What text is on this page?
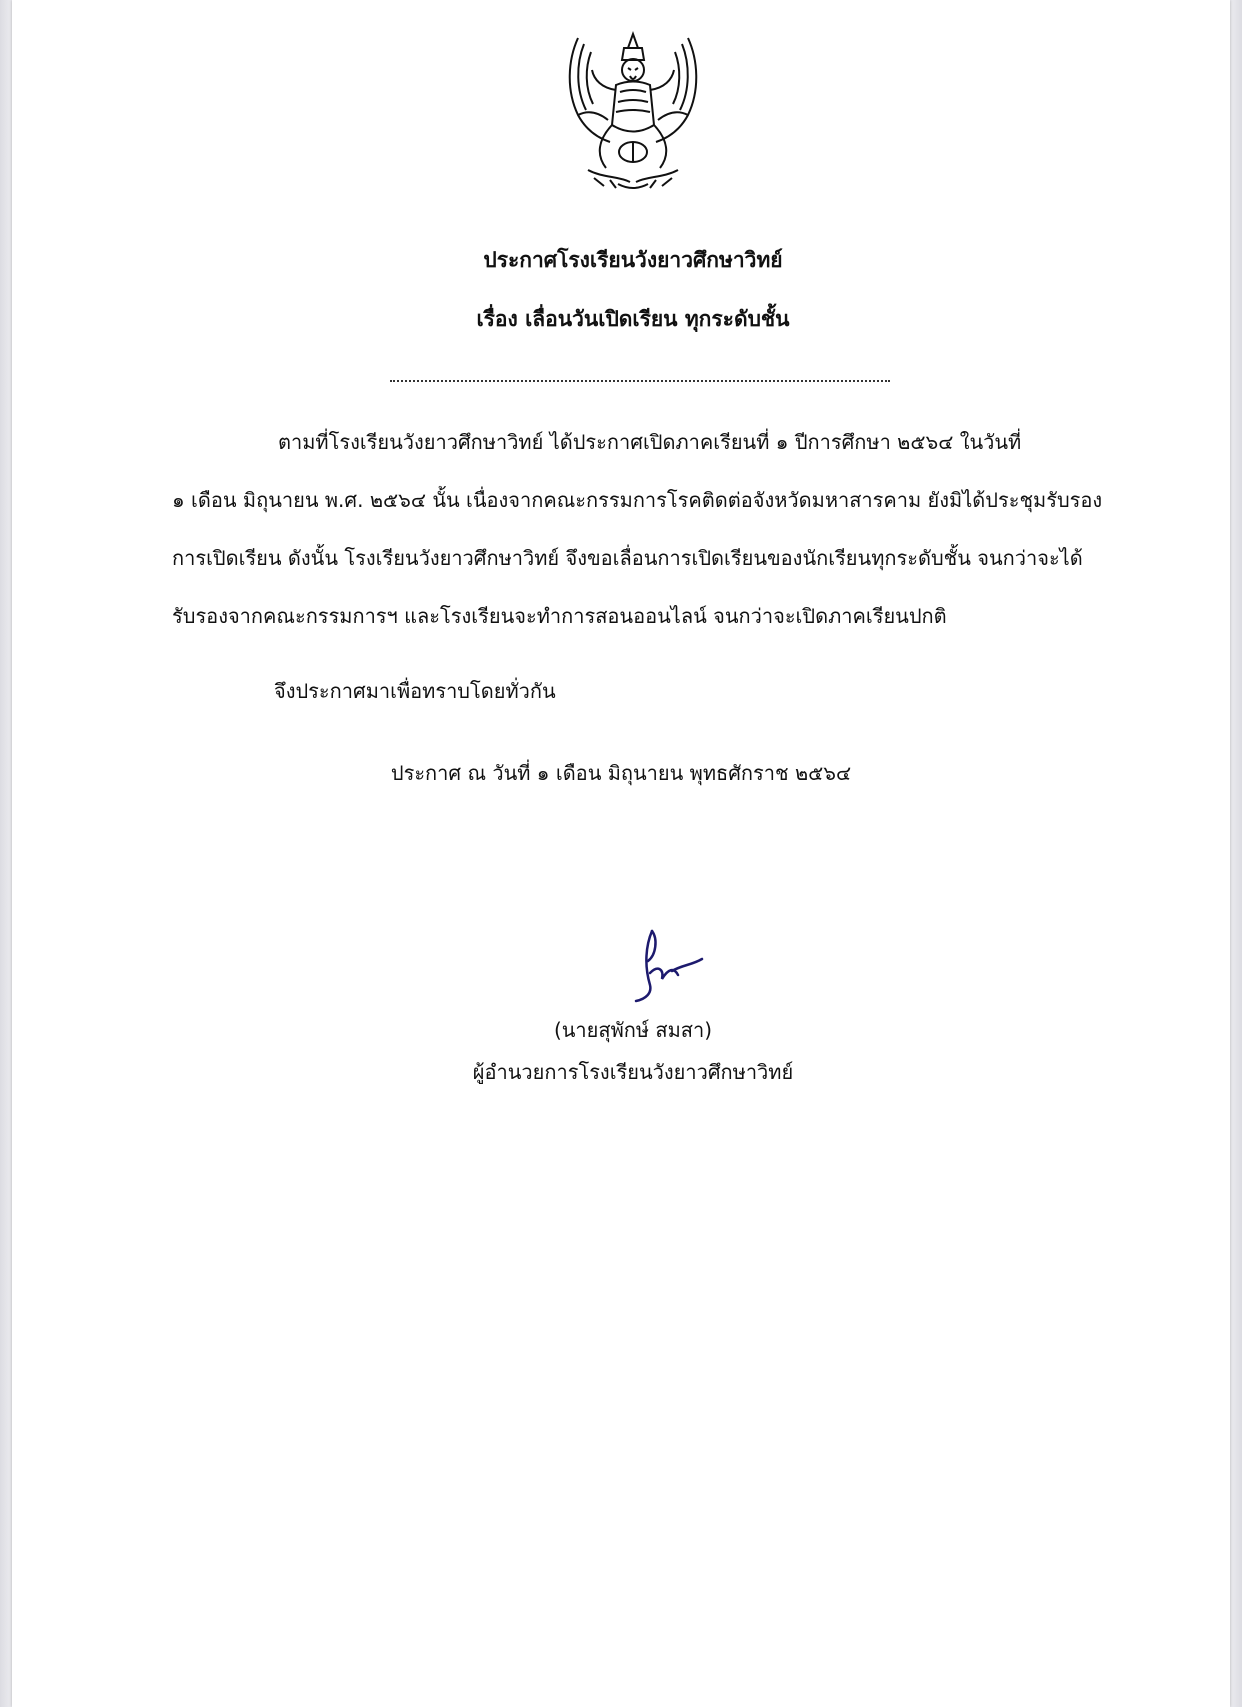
ประกาศโรงเรียนวังยาวศึกษาวิทย์
เรื่อง เลื่อนวันเปิดเรียน ทุกระดับชั้น
ตามที่โรงเรียนวังยาวศึกษาวิทย์ ได้ประกาศเปิดภาคเรียนที่ ๑ ปีการศึกษา ๒๕๖๔ ในวันที่
๑ เดือน มิถุนายน พ.ศ. ๒๕๖๔ นั้น เนื่องจากคณะกรรมการโรคติดต่อจังหวัดมหาสารคาม ยังมิได้ประชุมรับรอง
การเปิดเรียน ดังนั้น โรงเรียนวังยาวศึกษาวิทย์ จึงขอเลื่อนการเปิดเรียนของนักเรียนทุกระดับชั้น จนกว่าจะได้
รับรองจากคณะกรรมการฯ และโรงเรียนจะทำการสอนออนไลน์ จนกว่าจะเปิดภาคเรียนปกติ
จึงประกาศมาเพื่อทราบโดยทั่วกัน
ประกาศ ณ วันที่ ๑ เดือน มิถุนายน พุทธศักราช ๒๕๖๔
(นายสุพักษ์ สมสา)
ผู้อำนวยการโรงเรียนวังยาวศึกษาวิทย์
